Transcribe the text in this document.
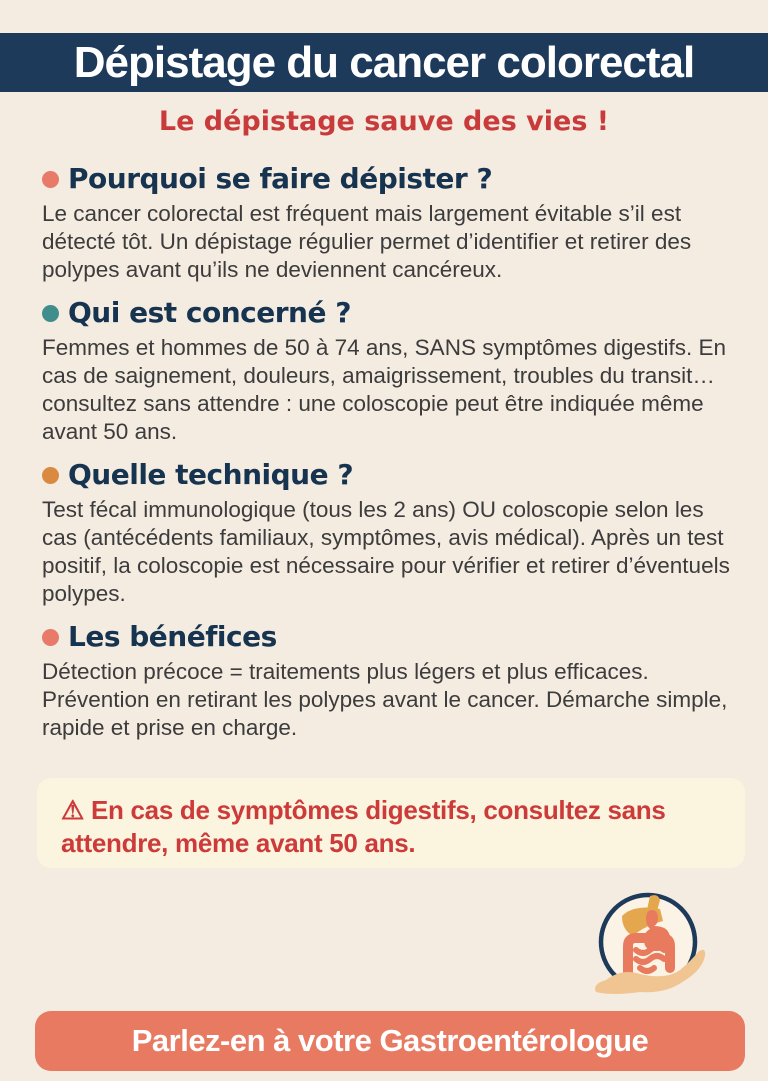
Dépistage du cancer colorectal
Le dépistage sauve des vies !
Pourquoi se faire dépister ?

Le cancer colorectal est fréquent mais largement évitable s’il est détecté tôt. Un dépistage régulier permet d’identifier et retirer des polypes avant qu’ils ne deviennent cancéreux.

Qui est concerné ?

Femmes et hommes de 50 à 74 ans, SANS symptômes digestifs. En cas de saignement, douleurs, amaigrissement, troubles du transit… consultez sans attendre : une coloscopie peut être indiquée même avant 50 ans.

Quelle technique ?

Test fécal immunologique (tous les 2 ans) OU coloscopie selon les cas (antécédents familiaux, symptômes, avis médical). Après un test positif, la coloscopie est nécessaire pour vérifier et retirer d’éventuels polypes.

Les bénéfices

Détection précoce = traitements plus légers et plus efficaces. Prévention en retirant les polypes avant le cancer. Démarche simple, rapide et prise en charge.

⚠ En cas de symptômes digestifs, consultez sans attendre, même avant 50 ans.
Parlez-en à votre Gastroentérologue
